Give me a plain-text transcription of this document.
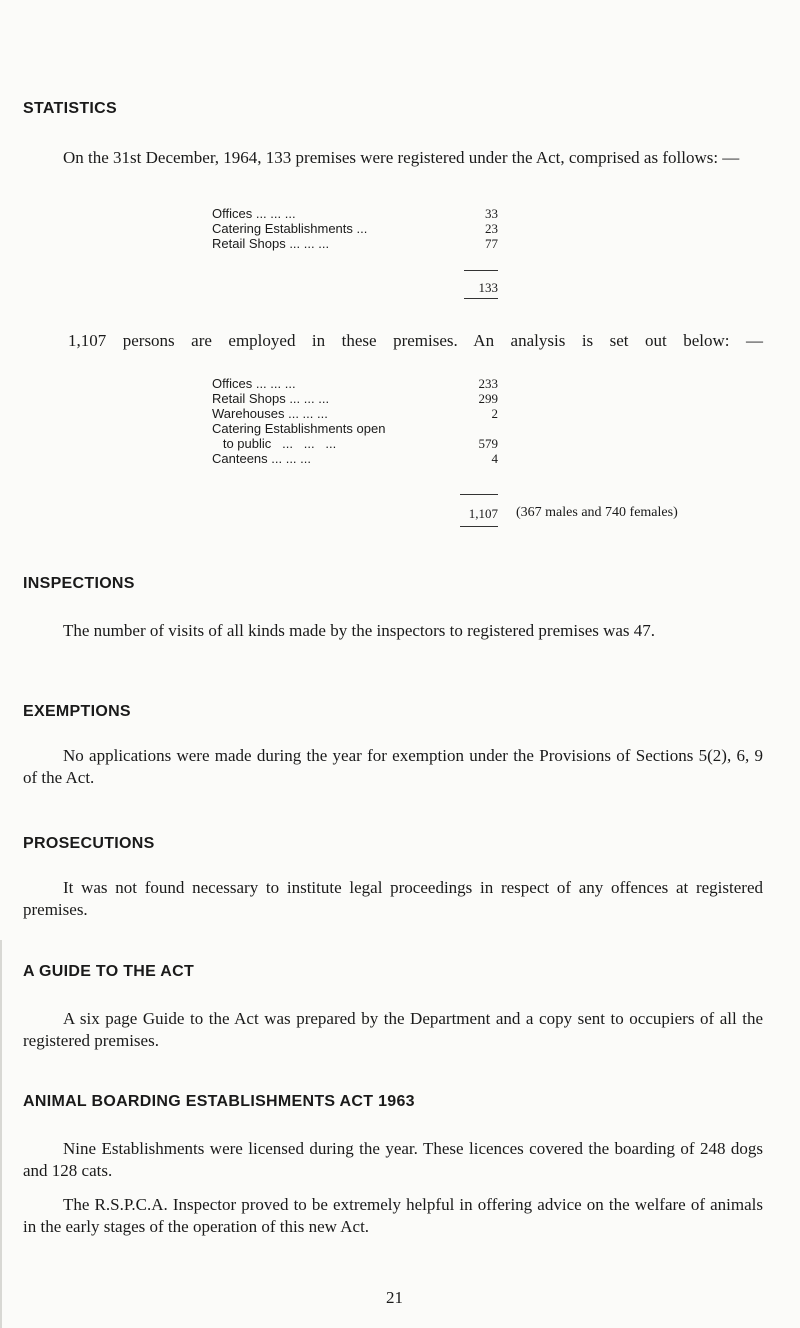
STATISTICS

On the 31st December, 1964, 133 premises were registered under the Act, comprised as follows: —

Offices ... ... ...	33
Catering Establishments ...	23
Retail Shops ... ... ...	77
133

1,107 persons are employed in these premises. An analysis is set out below: —

Offices ... ... ...	233
Retail Shops ... ... ...	299
Warehouses ... ... ...	2
Catering Establishments open
to public   ...   ...   ...	579
Canteens ... ... ...	4
1,107 (367 males and 740 females)
INSPECTIONS

The number of visits of all kinds made by the inspectors to registered premises was 47.

EXEMPTIONS

No applications were made during the year for exemption under the Provisions of Sections 5(2), 6, 9 of the Act.

PROSECUTIONS

It was not found necessary to institute legal proceedings in respect of any offences at registered premises.

A GUIDE TO THE ACT

A six page Guide to the Act was prepared by the Department and a copy sent to occupiers of all the registered premises.

ANIMAL BOARDING ESTABLISHMENTS ACT 1963

Nine Establishments were licensed during the year. These licences covered the boarding of 248 dogs and 128 cats.

The R.S.P.C.A. Inspector proved to be extremely helpful in offering advice on the welfare of animals in the early stages of the operation of this new Act.

21
